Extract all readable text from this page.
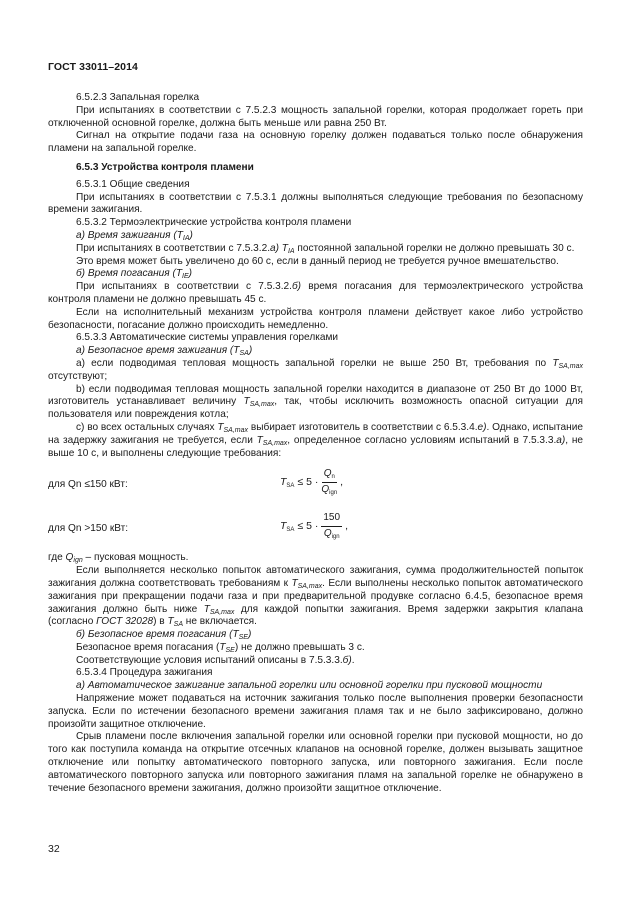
ГОСТ 33011–2014

6.5.2.3 Запальная горелка

При испытаниях в соответствии с 7.5.2.3 мощность запальной горелки, которая продолжает гореть при отключенной основной горелке, должна быть меньше или равна 250 Вт.

Сигнал на открытие подачи газа на основную горелку должен подаваться только после обнаружения пламени на запальной горелке.

6.5.3 Устройства контроля пламени

6.5.3.1 Общие сведения

При испытаниях в соответствии с 7.5.3.1 должны выполняться следующие требования по безопасному времени зажигания.

6.5.3.2 Термоэлектрические устройства контроля пламени

а) Время зажигания $(T_{IA})$

При испытаниях в соответствии с 7.5.3.2.а) $T_{IA}$ постоянной запальной горелки не должно превышать 30 с.

Это время может быть увеличено до 60 с, если в данный период не требуется ручное вмешательство.

б) Время погасания $(T_{IE})$

При испытаниях в соответствии с 7.5.3.2.б) время погасания для термоэлектрического устройства контроля пламени не должно превышать 45 с.

Если на исполнительный механизм устройства контроля пламени действует какое либо устройство безопасности, погасание должно происходить немедленно.

6.5.3.3 Автоматические системы управления горелками

а) Безопасное время зажигания $(T_{SA})$

а) если подводимая тепловая мощность запальной горелки не выше 250 Вт, требования по $T_{SA,max}$ отсутствуют;

b) если подводимая тепловая мощность запальной горелки находится в диапазоне от 250 Вт до 1000 Вт, изготовитель устанавливает величину $T_{SA,max}$, так, чтобы исключить возможность опасной ситуации для пользователя или повреждения котла;

с) во всех остальных случаях $T_{SA,max}$ выбирает изготовитель в соответствии с 6.5.3.4.е). Однако, испытание на задержку зажигания не требуется, если $T_{SA,max}$, определенное согласно условиям испытаний в 7.5.3.3.а), не выше 10 с, и выполнены следующие требования:

для Qn ≤150 кВт:	$T_{SA} \le 5 \cdot \frac{Q_n}{Q_{ign}}$ ,
для Qn >150 кВт:	$T_{SA} \le 5 \cdot \frac{150}{Q_{ign}}$ ,

где $Q_{ign}$ – пусковая мощность.

Если выполняется несколько попыток автоматического зажигания, сумма продолжительностей попыток зажигания должна соответствовать требованиям к $T_{SA,max}$. Если выполнены несколько попыток автоматического зажигания при прекращении подачи газа и при предварительной продувке согласно 6.4.5, безопасное время зажигания должно быть ниже $T_{SA,max}$ для каждой попытки зажигания. Время задержки закрытия клапана (согласно ГОСТ 32028) в $T_{SA}$ не включается.

б) Безопасное время погасания $(T_{SE})$

Безопасное время погасания $(T_{SE})$ не должно превышать 3 с.

Соответствующие условия испытаний описаны в 7.5.3.3.б).

6.5.3.4 Процедура зажигания

а) Автоматическое зажигание запальной горелки или основной горелки при пусковой мощности

Напряжение может подаваться на источник зажигания только после выполнения проверки безопасности запуска. Если по истечении безопасного времени зажигания пламя так и не было зафиксировано, должно произойти защитное отключение.

Срыв пламени после включения запальной горелки или основной горелки при пусковой мощности, но до того как поступила команда на открытие отсечных клапанов на основной горелке, должен вызывать защитное отключение или попытку автоматического повторного запуска, или повторного зажигания. Если после автоматического повторного запуска или повторного зажигания пламя на запальной горелке не обнаружено в течение безопасного времени зажигания, должно произойти защитное отключение.

32
